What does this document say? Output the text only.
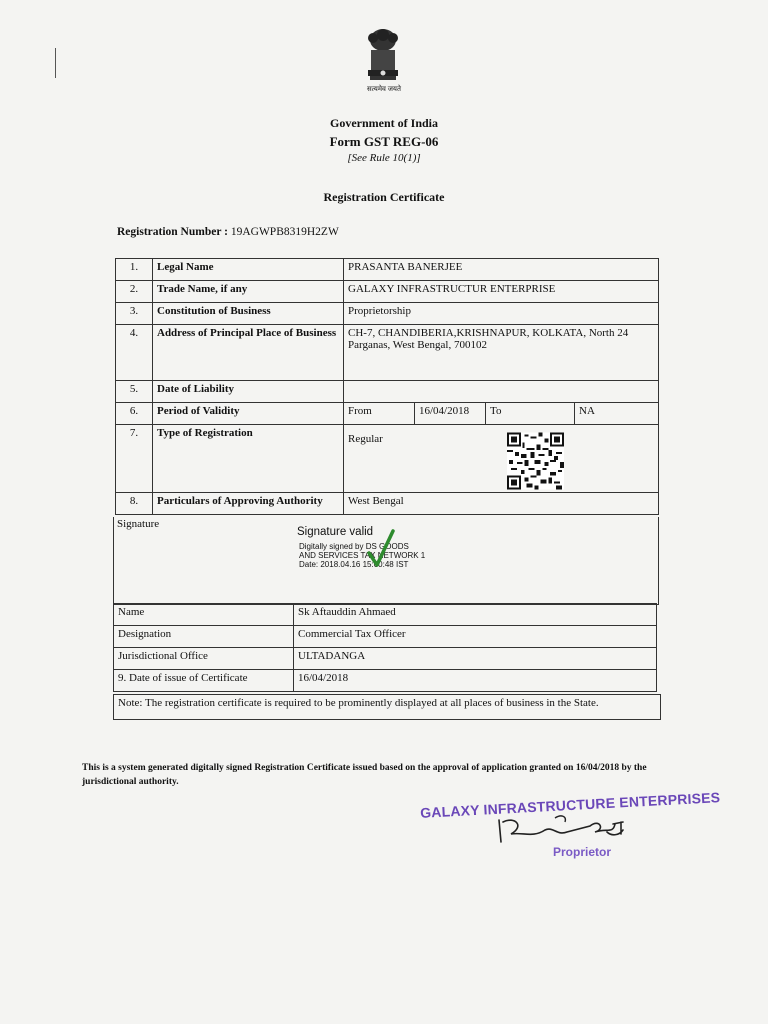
सत्यमेव जयते
Government of India
Form GST REG-06
[See Rule 10(1)]
Registration Certificate
Registration Number : 19AGWPB8319H2ZW
1.	Legal Name	PRASANTA BANERJEE			
2.	Trade Name, if any	GALAXY INFRASTRUCTUR ENTERPRISE			
3.	Constitution of Business	Proprietorship			
4.	Address of Principal Place of Business	CH-7, CHANDIBERIA,KRISHNAPUR, KOLKATA, North 24 Parganas, West Bengal, 700102			
5.	Date of Liability				
6.	Period of Validity	From	16/04/2018	To	NA
7.	Type of Registration	Regular			

8.	Particulars of Approving Authority	West Bengal			
Signature
Signature valid
Digitally signed by DS GOODS
AND SERVICES TAX NETWORK 1
Date: 2018.04.16 15:00:48 IST
Name	Sk Aftauddin Ahmaed
Designation	Commercial Tax Officer
Jurisdictional Office	ULTADANGA
9. Date of issue of Certificate	16/04/2018
Note: The registration certificate is required to be prominently displayed at all places of business in the State.
This is a system generated digitally signed Registration Certificate issued based on the approval of application granted on 16/04/2018 by the jurisdictional authority.
GALAXY INFRASTRUCTURE ENTERPRISES
Proprietor
